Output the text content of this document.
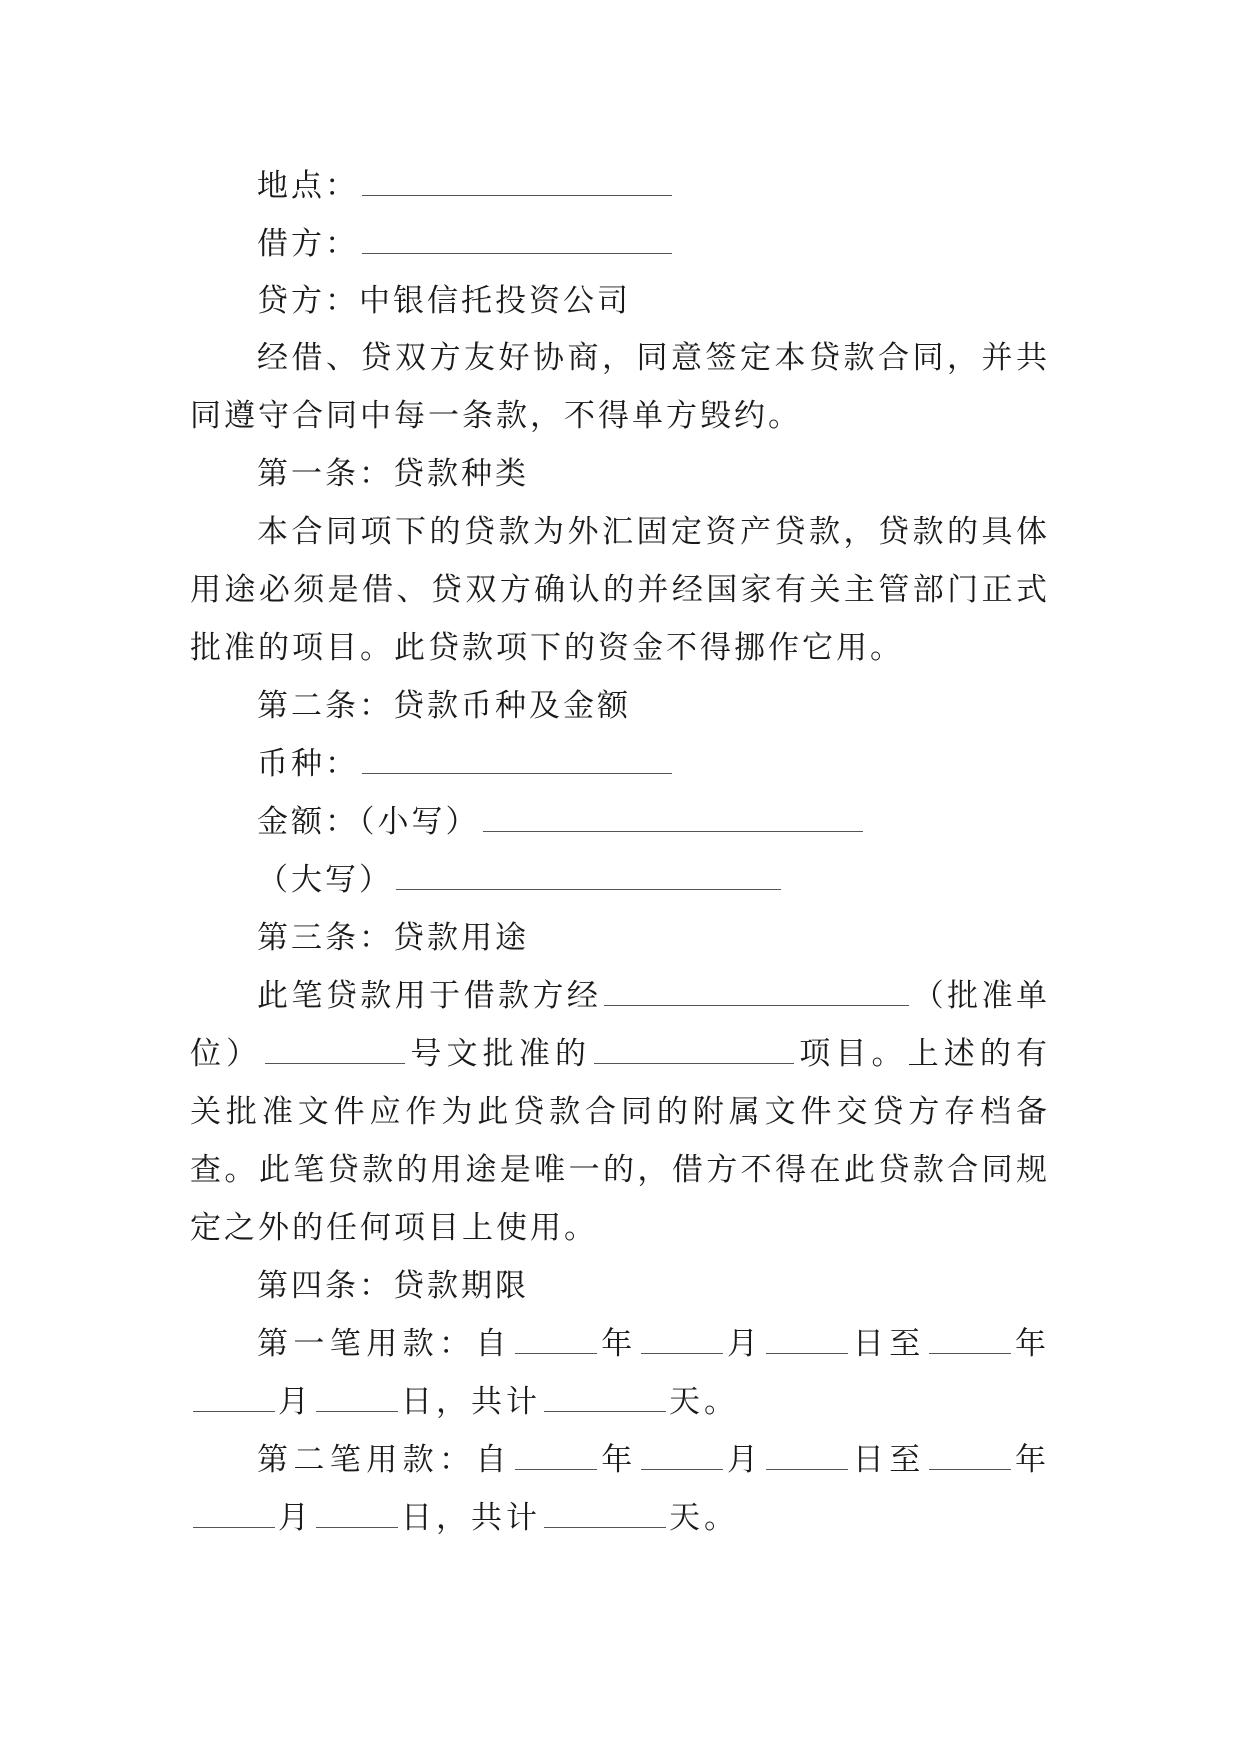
地点：
借方：
贷方：中银信托投资公司
经借、贷双方友好协商，同意签定本贷款合同，并共同遵守合同中每一条款，不得单方毁约。
第一条：贷款种类
本合同项下的贷款为外汇固定资产贷款，贷款的具体用途必须是借、贷双方确认的并经国家有关主管部门正式批准的项目。此贷款项下的资金不得挪作它用。
第二条：贷款币种及金额
币种：
金额：（小写）
（大写）
第三条：贷款用途
此笔贷款用于借款方经	（批准单位）	号文批准的	项目。上述的有关批准文件应作为此贷款合同的附属文件交贷方存档备查。此笔贷款的用途是唯一的，借方不得在此贷款合同规定之外的任何项目上使用。
第四条：贷款期限
第一笔用款：自	年	月	日至	年 月	日，共计	天。
第二笔用款：自	年	月	日至	年 月	日，共计	天。
